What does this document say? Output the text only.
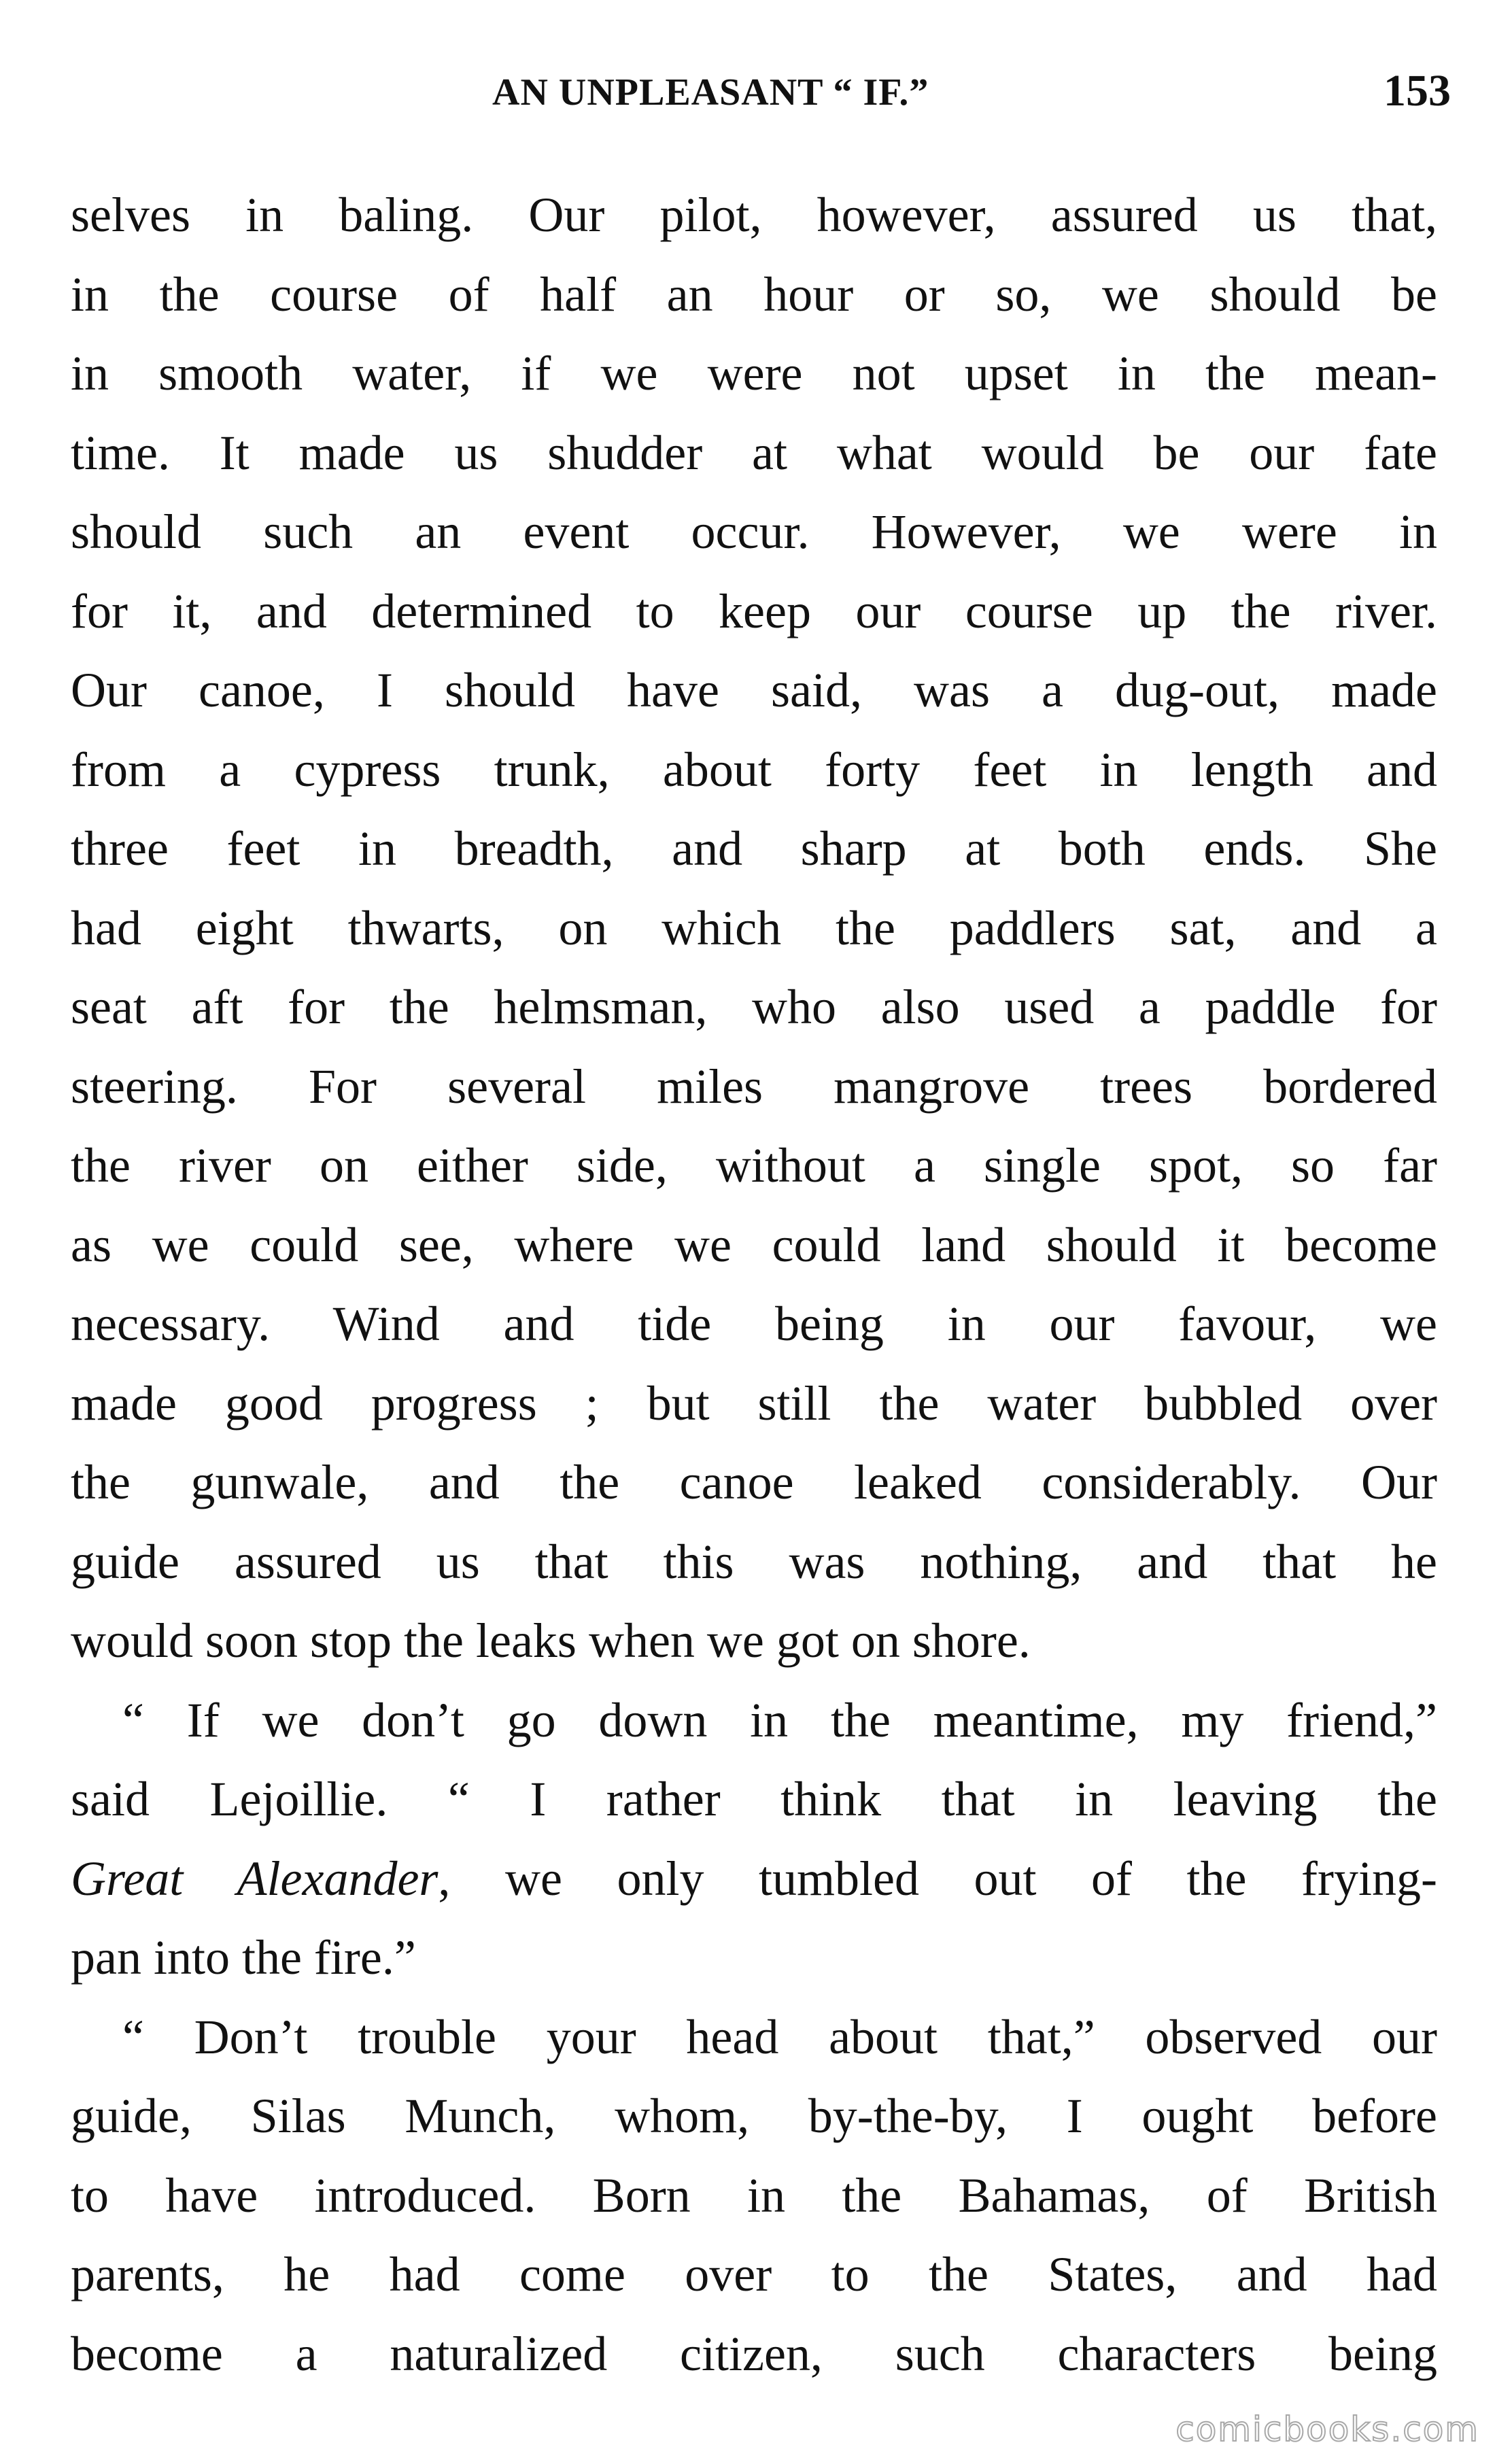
AN UNPLEASANT “ IF.”	153
selves in baling. Our pilot, however, assured us that,
in the course of half an hour or so, we should be
in smooth water, if we were not upset in the mean-
time. It made us shudder at what would be our fate
should such an event occur. However, we were in
for it, and determined to keep our course up the river.
Our canoe, I should have said, was a dug-out, made
from a cypress trunk, about forty feet in length and
three feet in breadth, and sharp at both ends. She
had eight thwarts, on which the paddlers sat, and a
seat aft for the helmsman, who also used a paddle for
steering. For several miles mangrove trees bordered
the river on either side, without a single spot, so far
as we could see, where we could land should it become
necessary. Wind and tide being in our favour, we
made good progress ; but still the water bubbled over
the gunwale, and the canoe leaked considerably. Our
guide assured us that this was nothing, and that he
would soon stop the leaks when we got on shore.
“ If we don’t go down in the meantime, my friend,”
said Lejoillie. “ I rather think that in leaving the
Great Alexander, we only tumbled out of the frying-
pan into the fire.”
“ Don’t trouble your head about that,” observed our
guide, Silas Munch, whom, by-the-by, I ought before
to have introduced. Born in the Bahamas, of British
parents, he had come over to the States, and had
become a naturalized citizen, such characters being
comicbooks.com
